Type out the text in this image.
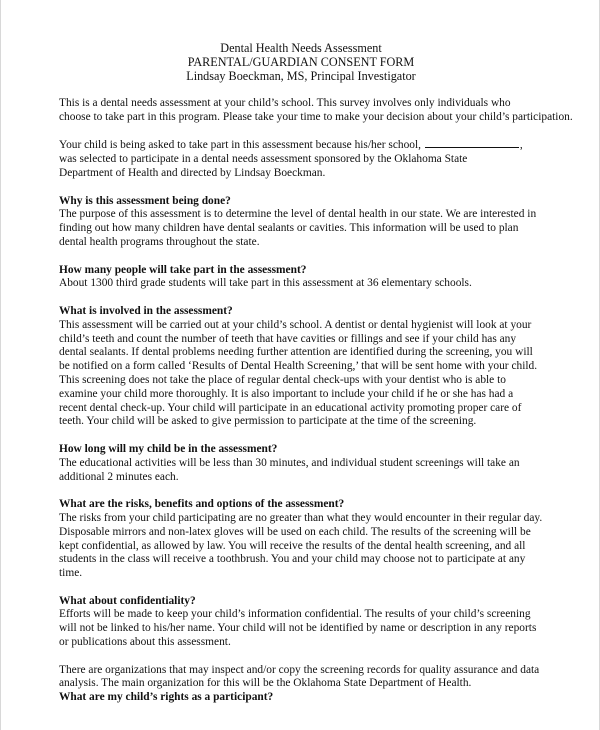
Dental Health Needs Assessment
PARENTAL/GUARDIAN CONSENT FORM
Lindsay Boeckman, MS, Principal Investigator
This is a dental needs assessment at your child’s school. This survey involves only individuals who
choose to take part in this program. Please take your time to make your decision about your child’s participation.
Your child is being asked to take part in this assessment because his/her school,	,
was selected to participate in a dental needs assessment sponsored by the Oklahoma State
Department of Health and directed by Lindsay Boeckman.
Why is this assessment being done?
The purpose of this assessment is to determine the level of dental health in our state. We are interested in
finding out how many children have dental sealants or cavities. This information will be used to plan
dental health programs throughout the state.
How many people will take part in the assessment?
About 1300 third grade students will take part in this assessment at 36 elementary schools.
What is involved in the assessment?
This assessment will be carried out at your child’s school. A dentist or dental hygienist will look at your
child’s teeth and count the number of teeth that have cavities or fillings and see if your child has any
dental sealants. If dental problems needing further attention are identified during the screening, you will
be notified on a form called ‘Results of Dental Health Screening,’ that will be sent home with your child.
This screening does not take the place of regular dental check-ups with your dentist who is able to
examine your child more thoroughly. It is also important to include your child if he or she has had a
recent dental check-up. Your child will participate in an educational activity promoting proper care of
teeth. Your child will be asked to give permission to participate at the time of the screening.
How long will my child be in the assessment?
The educational activities will be less than 30 minutes, and individual student screenings will take an
additional 2 minutes each.
What are the risks, benefits and options of the assessment?
The risks from your child participating are no greater than what they would encounter in their regular day.
Disposable mirrors and non-latex gloves will be used on each child. The results of the screening will be
kept confidential, as allowed by law. You will receive the results of the dental health screening, and all
students in the class will receive a toothbrush. You and your child may choose not to participate at any
time.
What about confidentiality?
Efforts will be made to keep your child’s information confidential. The results of your child’s screening
will not be linked to his/her name. Your child will not be identified by name or description in any reports
or publications about this assessment.
There are organizations that may inspect and/or copy the screening records for quality assurance and data
analysis. The main organization for this will be the Oklahoma State Department of Health.
What are my child’s rights as a participant?
